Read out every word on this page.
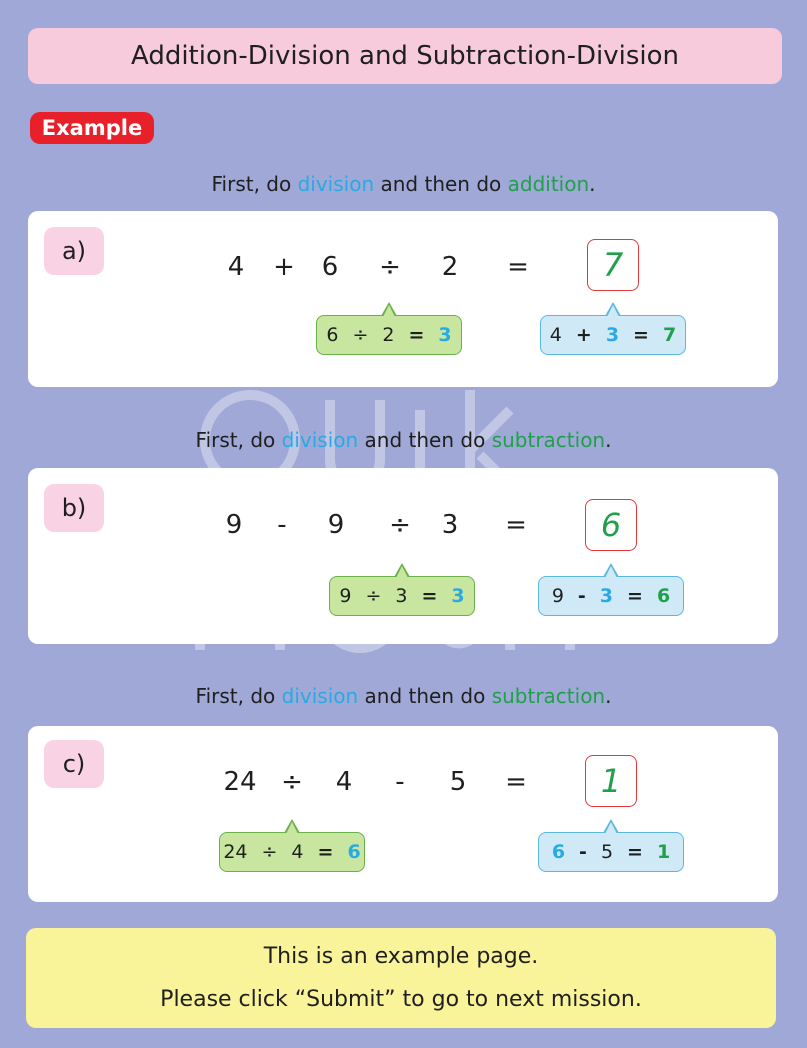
Addition-Division and Subtraction-Division
Example
First, do division and then do addition.
a)
4 + 6 ÷ 2 =	7
6 ÷ 2 = 3	4 + 3 = 7
First, do division and then do subtraction.
b)
9 - 9 ÷ 3 =	6
9 ÷ 3 = 3	9 - 3 = 6
First, do division and then do subtraction.
c)
24 ÷ 4 - 5 =	1
24 ÷ 4 = 6	6 - 5 = 1
This is an example page.
Please click “Submit” to go to next mission.
